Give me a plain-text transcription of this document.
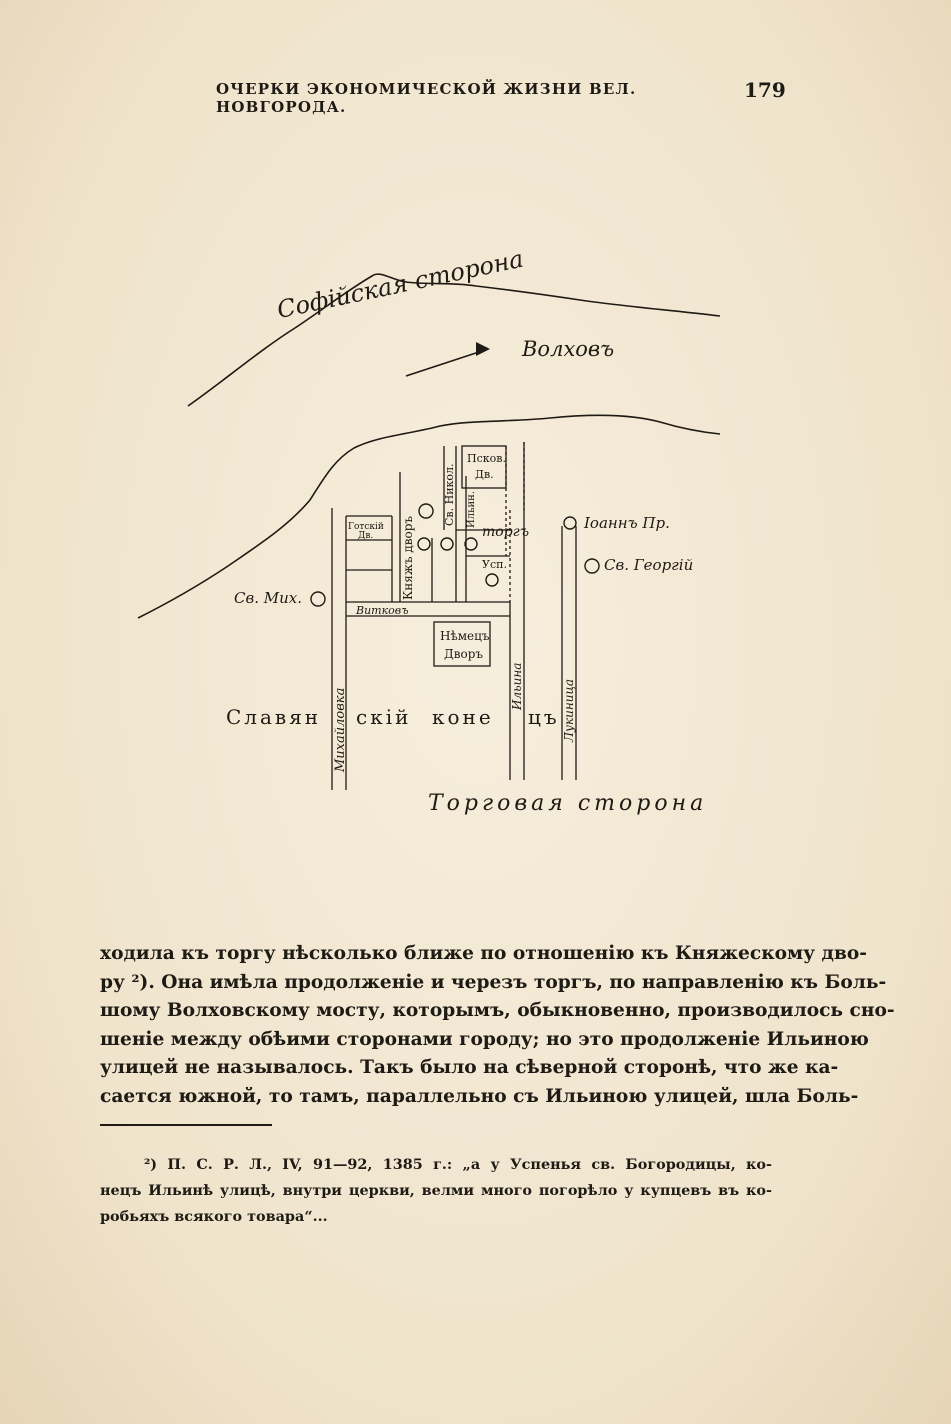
ОЧЕРКИ ЭКОНОМИЧЕСКОЙ ЖИЗНИ ВЕЛ. НОВГОРОДА.
179
Софійская сторона
Волховъ
Псков.
Дв.
Св. Никол.
Готскій
Дв. Княжъ дворъ
Ильин.
торгъ
Усп.
Іоаннъ Пр.
Св. Георгій
Св. Мих.
Витковъ
Нѣмецъ
Дворъ
Михайловка
Ильина	Лукиница
Славян скій коне цъ
Торговая сторона
ходила къ торгу нѣсколько ближе по отношенію къ Княжескому дво-
ру ²). Она имѣла продолженіе и черезъ торгъ, по направленію къ Боль-
шому Волховскому мосту, которымъ, обыкновенно, производилось сно-
шеніе между обѣими сторонами городу; но это продолженіе Ильиною
улицей не называлось. Такъ было на сѣверной сторонѣ, что же ка-
сается южной, то тамъ, параллельно съ Ильиною улицей, шла Боль-
²) П. С. Р. Л., IV, 91—92, 1385 г.: „а у Успенья св. Богородицы, ко-
нецъ Ильинѣ улицѣ, внутри церкви, велми много погорѣло у купцевъ въ ко-
робьяхъ всякого товара“...
